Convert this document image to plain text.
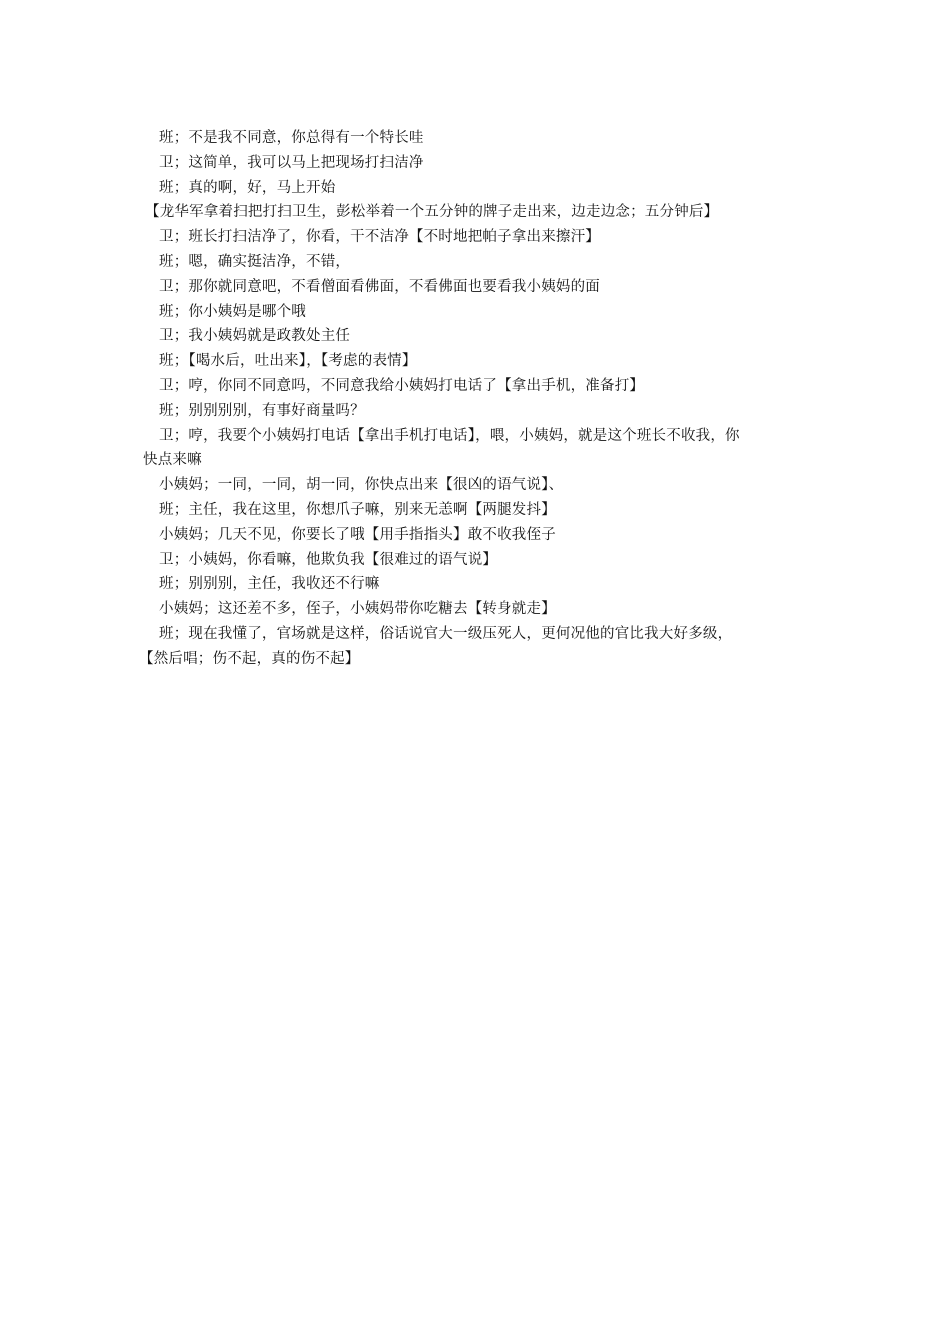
班；不是我不同意，你总得有一个特长哇
卫；这简单，我可以马上把现场打扫洁净
班；真的啊，好，马上开始
【龙华军拿着扫把打扫卫生，彭松举着一个五分钟的牌子走出来，边走边念；五分钟后】
卫；班长打扫洁净了，你看，干不洁净【不时地把帕子拿出来擦汗】
班；嗯，确实挺洁净，不错，
卫；那你就同意吧，不看僧面看佛面，不看佛面也要看我小姨妈的面
班；你小姨妈是哪个哦
卫；我小姨妈就是政教处主任
班；【喝水后，吐出来】，【考虑的表情】
卫；哼，你同不同意吗，不同意我给小姨妈打电话了【拿出手机，准备打】
班；别别别别，有事好商量吗？
卫；哼，我要个小姨妈打电话【拿出手机打电话】，喂，小姨妈，就是这个班长不收我，你
快点来嘛
小姨妈；一同，一同，胡一同，你快点出来【很凶的语气说】、
班；主任，我在这里，你想爪子嘛，别来无恙啊【两腿发抖】
小姨妈；几天不见，你要长了哦【用手指指头】敢不收我侄子
卫；小姨妈，你看嘛，他欺负我【很难过的语气说】
班；别别别，主任，我收还不行嘛
小姨妈；这还差不多，侄子，小姨妈带你吃糖去【转身就走】
班；现在我懂了，官场就是这样，俗话说官大一级压死人，更何况他的官比我大好多级，
【然后唱；伤不起，真的伤不起】
